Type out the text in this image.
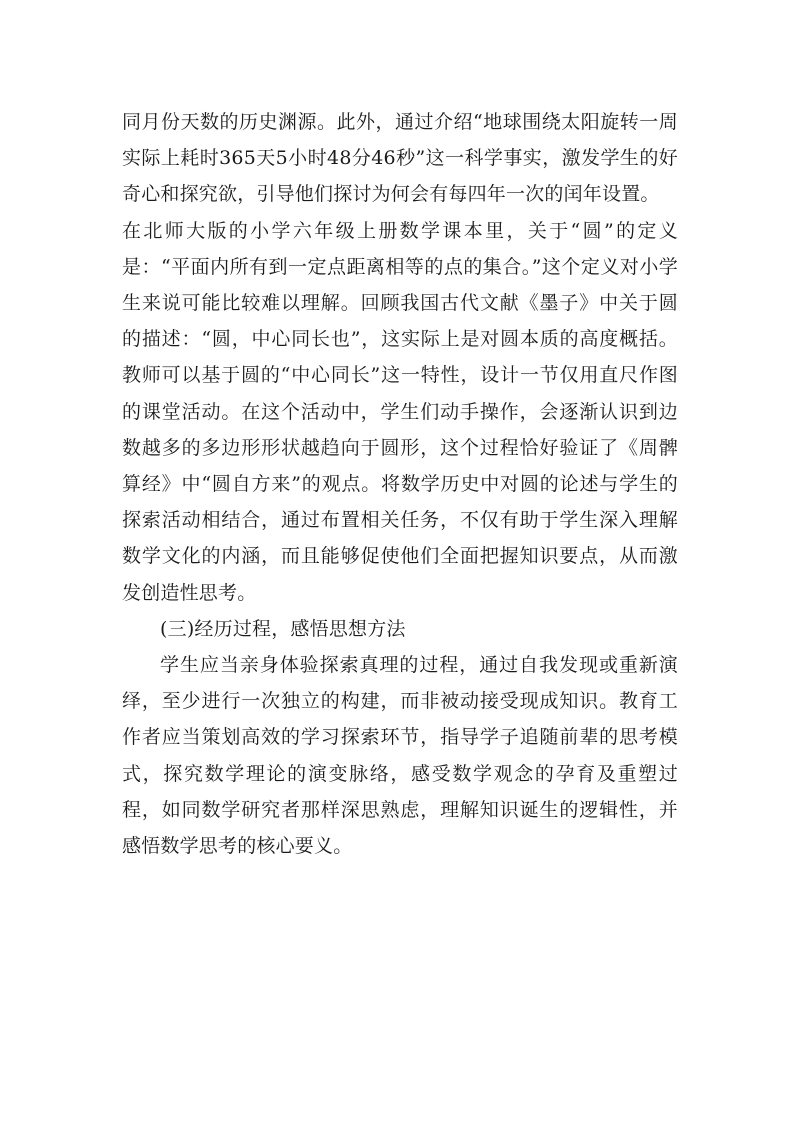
同月份天数的历史渊源。此外，通过介绍“地球围绕太阳旋转一周实际上耗时365天5小时48分46秒”这一科学事实，激发学生的好奇心和探究欲，引导他们探讨为何会有每四年一次的闰年设置。

在北师大版的小学六年级上册数学课本里，关于“圆”的定义是：“平面内所有到一定点距离相等的点的集合。”这个定义对小学生来说可能比较难以理解。回顾我国古代文献《墨子》中关于圆的描述：“圆，中心同长也”，这实际上是对圆本质的高度概括。教师可以基于圆的“中心同长”这一特性，设计一节仅用直尺作图的课堂活动。在这个活动中，学生们动手操作，会逐渐认识到边数越多的多边形形状越趋向于圆形，这个过程恰好验证了《周髀算经》中“圆自方来”的观点。将数学历史中对圆的论述与学生的探索活动相结合，通过布置相关任务，不仅有助于学生深入理解数学文化的内涵，而且能够促使他们全面把握知识要点，从而激发创造性思考。

(三)经历过程，感悟思想方法

学生应当亲身体验探索真理的过程，通过自我发现或重新演绎，至少进行一次独立的构建，而非被动接受现成知识。教育工作者应当策划高效的学习探索环节，指导学子追随前辈的思考模式，探究数学理论的演变脉络，感受数学观念的孕育及重塑过程，如同数学研究者那样深思熟虑，理解知识诞生的逻辑性，并感悟数学思考的核心要义。
